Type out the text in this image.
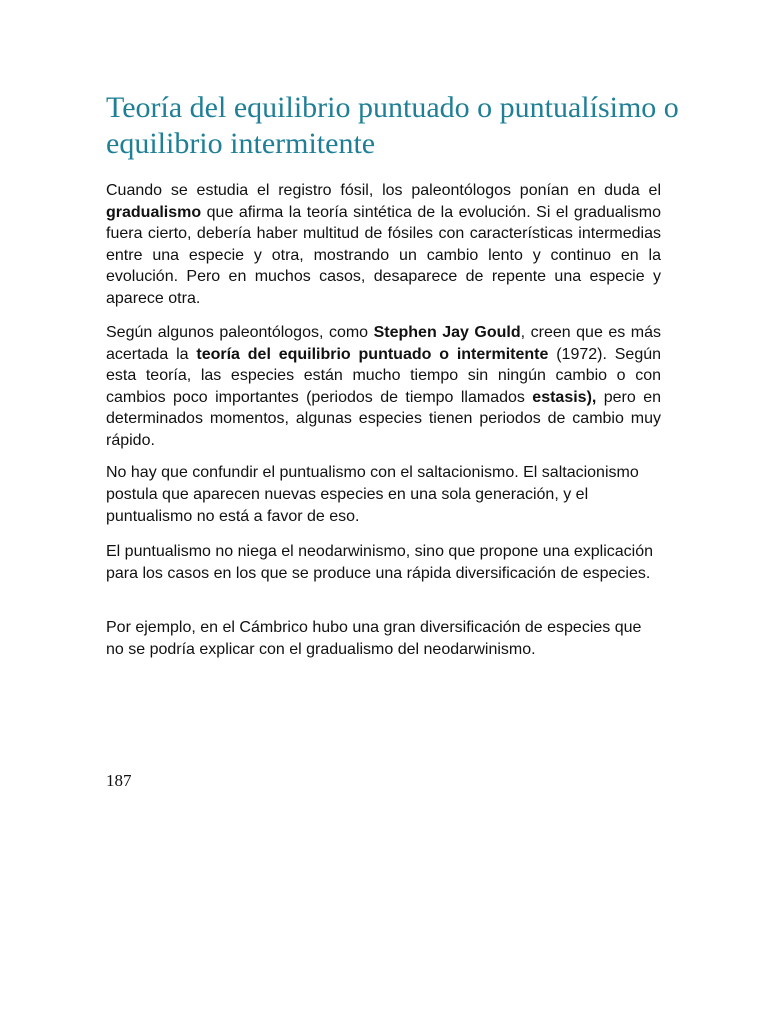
Teoría del equilibrio puntuado o puntualísimo o equilibrio intermitente

Cuando se estudia el registro fósil, los paleontólogos ponían en duda el gradualismo que afirma la teoría sintética de la evolución. Si el gradualismo fuera cierto, debería haber multitud de fósiles con características intermedias entre una especie y otra, mostrando un cambio lento y continuo en la evolución. Pero en muchos casos, desaparece de repente una especie y aparece otra.

Según algunos paleontólogos, como Stephen Jay Gould, creen que es más acertada la teoría del equilibrio puntuado o intermitente (1972). Según esta teoría, las especies están mucho tiempo sin ningún cambio o con cambios poco importantes (periodos de tiempo llamados estasis), pero en determinados momentos, algunas especies tienen periodos de cambio muy rápido.

No hay que confundir el puntualismo con el saltacionismo. El saltacionismo postula que aparecen nuevas especies en una sola generación, y el puntualismo no está a favor de eso.

El puntualismo no niega el neodarwinismo, sino que propone una explicación para los casos en los que se produce una rápida diversificación de especies.

Por ejemplo, en el Cámbrico hubo una gran diversificación de especies que no se podría explicar con el gradualismo del neodarwinismo.

187
